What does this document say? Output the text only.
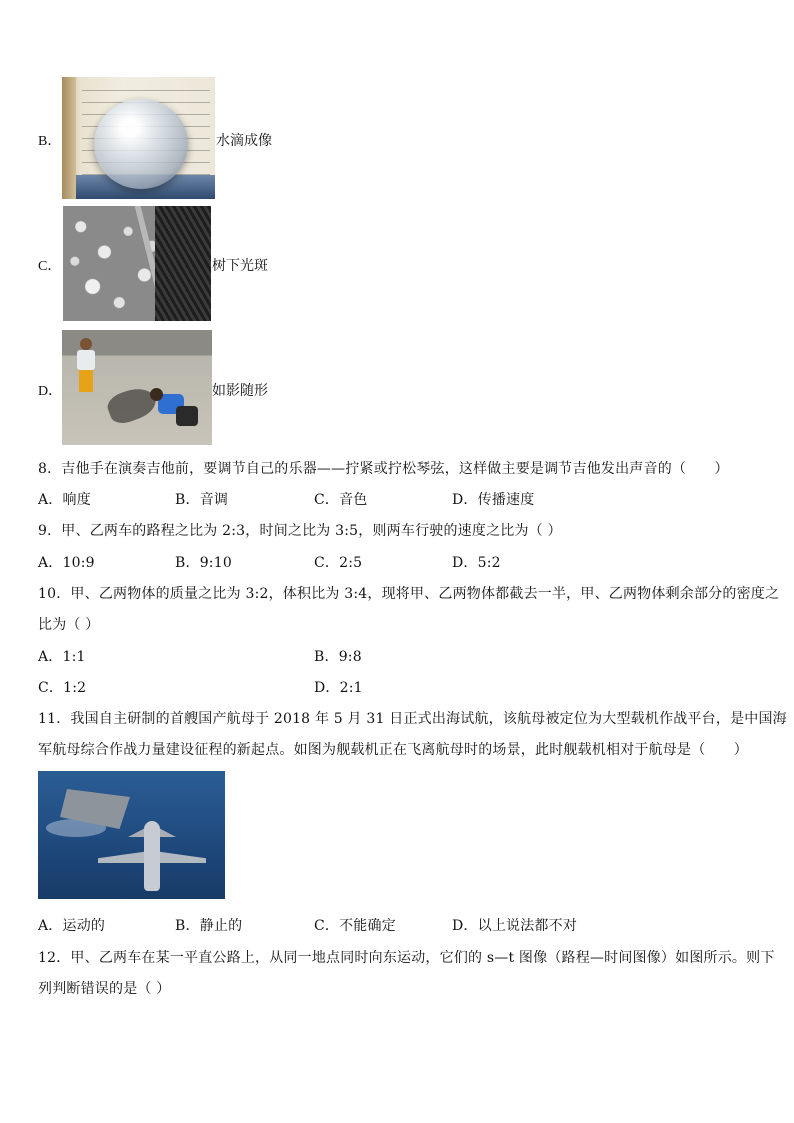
B．	水滴成像
C．	树下光斑
D．	如影随形
8．吉他手在演奏吉他前，要调节自己的乐器——拧紧或拧松琴弦，这样做主要是调节吉他发出声音的（　　）
A．响度	B．音调	C．音色	D．传播速度
9．甲、乙两车的路程之比为 2:3，时间之比为 3:5，则两车行驶的速度之比为（ ）
A．10:9	B．9:10	C．2:5	D．5:2
10．甲、乙两物体的质量之比为 3:2，体积比为 3:4，现将甲、乙两物体都截去一半，甲、乙两物体剩余部分的密度之
比为（ ）
A．1:1	B．9:8
C．1:2	D．2:1
11．我国自主研制的首艘国产航母于 2018 年 5 月 31 日正式出海试航，该航母被定位为大型载机作战平台，是中国海
军航母综合作战力量建设征程的新起点。如图为舰载机正在飞离航母时的场景，此时舰载机相对于航母是（　　）
A．运动的	B．静止的	C．不能确定	D．以上说法都不对
12．甲、乙两车在某一平直公路上，从同一地点同时向东运动，它们的 s—t 图像（路程—时间图像）如图所示。则下
列判断错误的是（ ）
